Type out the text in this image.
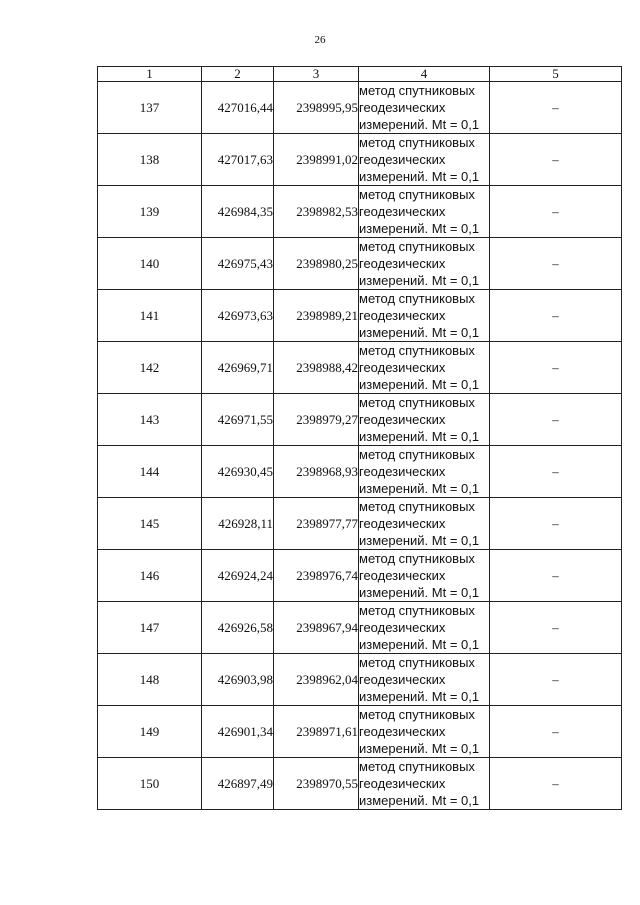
26
1	2	3	4	5
137	427016,44	2398995,95	метод спутниковых
геодезических
измерений. Mt = 0,1	–
138	427017,63	2398991,02	метод спутниковых
геодезических
измерений. Mt = 0,1	–
139	426984,35	2398982,53	метод спутниковых
геодезических
измерений. Mt = 0,1	–
140	426975,43	2398980,25	метод спутниковых
геодезических
измерений. Mt = 0,1	–
141	426973,63	2398989,21	метод спутниковых
геодезических
измерений. Mt = 0,1	–
142	426969,71	2398988,42	метод спутниковых
геодезических
измерений. Mt = 0,1	–
143	426971,55	2398979,27	метод спутниковых
геодезических
измерений. Mt = 0,1	–
144	426930,45	2398968,93	метод спутниковых
геодезических
измерений. Mt = 0,1	–
145	426928,11	2398977,77	метод спутниковых
геодезических
измерений. Mt = 0,1	–
146	426924,24	2398976,74	метод спутниковых
геодезических
измерений. Mt = 0,1	–
147	426926,58	2398967,94	метод спутниковых
геодезических
измерений. Mt = 0,1	–
148	426903,98	2398962,04	метод спутниковых
геодезических
измерений. Mt = 0,1	–
149	426901,34	2398971,61	метод спутниковых
геодезических
измерений. Mt = 0,1	–
150	426897,49	2398970,55	метод спутниковых
геодезических
измерений. Mt = 0,1	–
